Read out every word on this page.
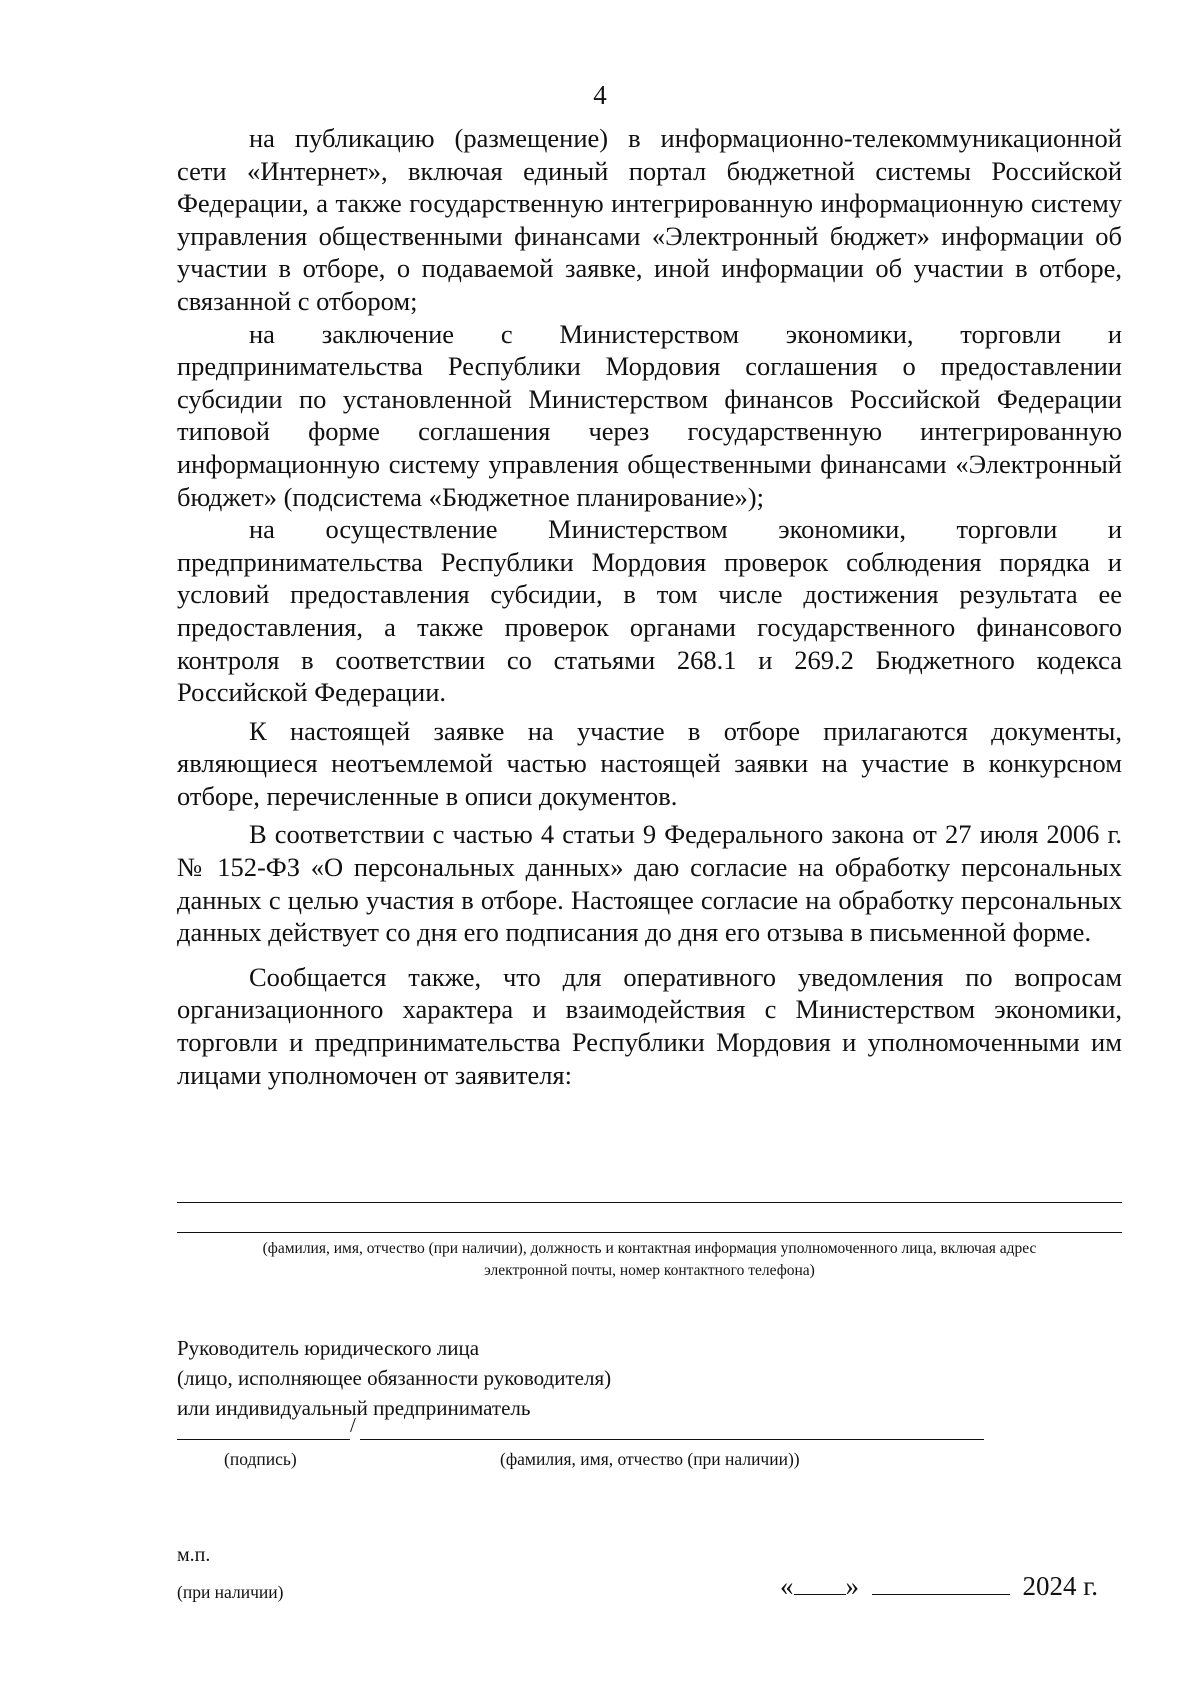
4

на публикацию (размещение) в информационно-телекоммуникационной сети «Интернет», включая единый портал бюджетной системы Российской Федерации, а также государственную интегрированную информационную систему управления общественными финансами «Электронный бюджет» информации об участии в отборе, о подаваемой заявке, иной информации об участии в отборе, связанной с отбором;

на заключение с Министерством экономики, торговли и предпринимательства Республики Мордовия соглашения о предоставлении субсидии по установленной Министерством финансов Российской Федерации типовой форме соглашения через государственную интегрированную информационную систему управления общественными финансами «Электронный бюджет» (подсистема «Бюджетное планирование»);

на осуществление Министерством экономики, торговли и предпринимательства Республики Мордовия проверок соблюдения порядка и условий предоставления субсидии, в том числе достижения результата ее предоставления, а также проверок органами государственного финансового контроля в соответствии со статьями 268.1 и 269.2 Бюджетного кодекса Российской Федерации.

К настоящей заявке на участие в отборе прилагаются документы, являющиеся неотъемлемой частью настоящей заявки на участие в конкурсном отборе, перечисленные в описи документов.

В соответствии с частью 4 статьи 9 Федерального закона от 27 июля 2006 г. № 152-ФЗ «О персональных данных» даю согласие на обработку персональных данных с целью участия в отборе. Настоящее согласие на обработку персональных данных действует со дня его подписания до дня его отзыва в письменной форме.

Сообщается также, что для оперативного уведомления по вопросам организационного характера и взаимодействия с Министерством экономики, торговли и предпринимательства Республики Мордовия и уполномоченными им лицами уполномочен от заявителя:

(фамилия, имя, отчество (при наличии), должность и контактная информация уполномоченного лица, включая адрес
электронной почты, номер контактного телефона)
Руководитель юридического лица
(лицо, исполняющее обязанности руководителя)
или индивидуальный предприниматель
/
(подпись)	(фамилия, имя, отчество (при наличии))
м.п.
(при наличии)	« »	2024 г.
